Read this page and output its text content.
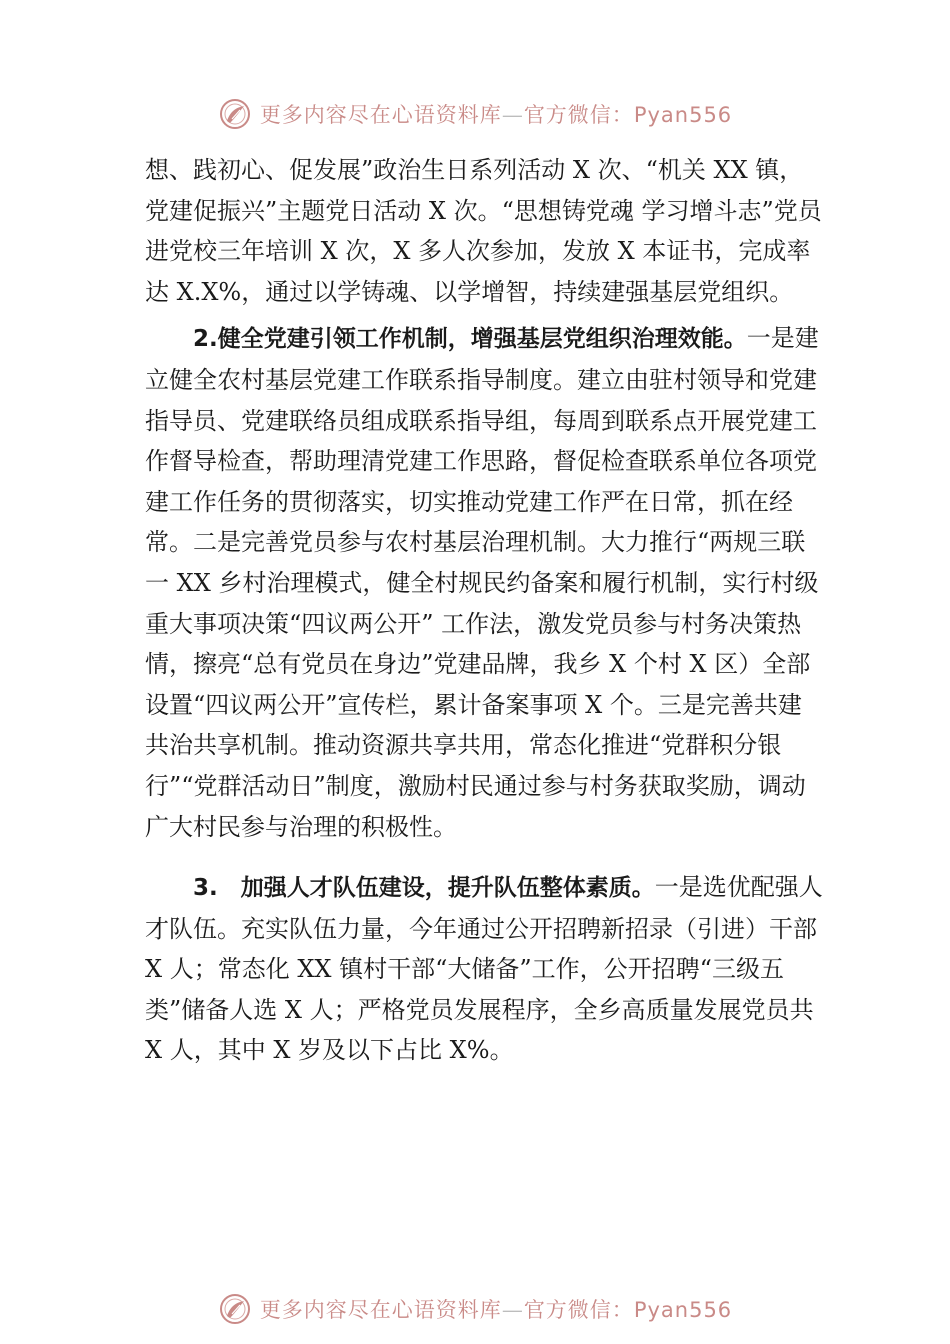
更多内容尽在心语资料库—官方微信：Pyan556

想、践初心、促发展”政治生日系列活动 X 次、“机关 XX 镇，党建促振兴”主题党日活动 X 次。“思想铸党魂 学习增斗志”党员进党校三年培训 X 次，X 多人次参加，发放 X 本证书，完成率达 X.X%，通过以学铸魂、以学增智，持续建强基层党组织。

2.健全党建引领工作机制，增强基层党组织治理效能。一是建立健全农村基层党建工作联系指导制度。建立由驻村领导和党建指导员、党建联络员组成联系指导组，每周到联系点开展党建工作督导检查，帮助理清党建工作思路，督促检查联系单位各项党建工作任务的贯彻落实，切实推动党建工作严在日常，抓在经常。二是完善党员参与农村基层治理机制。大力推行“两规三联一 XX 乡村治理模式，健全村规民约备案和履行机制，实行村级重大事项决策“四议两公开” 工作法，激发党员参与村务决策热情，擦亮“总有党员在身边”党建品牌，我乡 X 个村 X 区）全部设置“四议两公开”宣传栏，累计备案事项 X 个。三是完善共建共治共享机制。推动资源共享共用，常态化推进“党群积分银行”“党群活动日”制度，激励村民通过参与村务获取奖励，调动广大村民参与治理的积极性。

3.　加强人才队伍建设，提升队伍整体素质。一是选优配强人才队伍。充实队伍力量，今年通过公开招聘新招录（引进）干部 X 人；常态化 XX 镇村干部“大储备”工作，公开招聘“三级五类”储备人选 X 人；严格党员发展程序，全乡高质量发展党员共 X 人，其中 X 岁及以下占比 X%。

更多内容尽在心语资料库—官方微信：Pyan556
